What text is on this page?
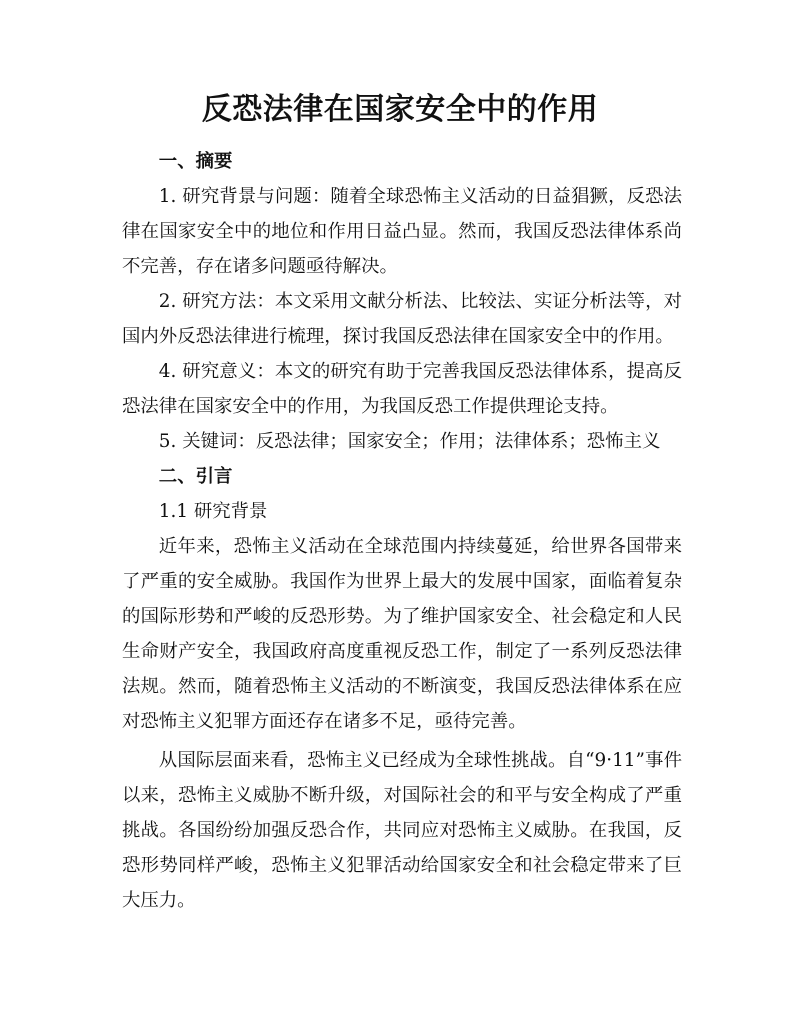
反恐法律在国家安全中的作用
一、摘要

1. 研究背景与问题：随着全球恐怖主义活动的日益猖獗，反恐法律在国家安全中的地位和作用日益凸显。然而，我国反恐法律体系尚不完善，存在诸多问题亟待解决。

2. 研究方法：本文采用文献分析法、比较法、实证分析法等，对国内外反恐法律进行梳理，探讨我国反恐法律在国家安全中的作用。

4. 研究意义：本文的研究有助于完善我国反恐法律体系，提高反恐法律在国家安全中的作用，为我国反恐工作提供理论支持。

5. 关键词：反恐法律；国家安全；作用；法律体系；恐怖主义

二、引言
1.1 研究背景

近年来，恐怖主义活动在全球范围内持续蔓延，给世界各国带来了严重的安全威胁。我国作为世界上最大的发展中国家，面临着复杂的国际形势和严峻的反恐形势。为了维护国家安全、社会稳定和人民生命财产安全，我国政府高度重视反恐工作，制定了一系列反恐法律法规。然而，随着恐怖主义活动的不断演变，我国反恐法律体系在应对恐怖主义犯罪方面还存在诸多不足，亟待完善。

从国际层面来看，恐怖主义已经成为全球性挑战。自“9·11”事件以来，恐怖主义威胁不断升级，对国际社会的和平与安全构成了严重挑战。各国纷纷加强反恐合作，共同应对恐怖主义威胁。在我国，反恐形势同样严峻，恐怖主义犯罪活动给国家安全和社会稳定带来了巨大压力。
